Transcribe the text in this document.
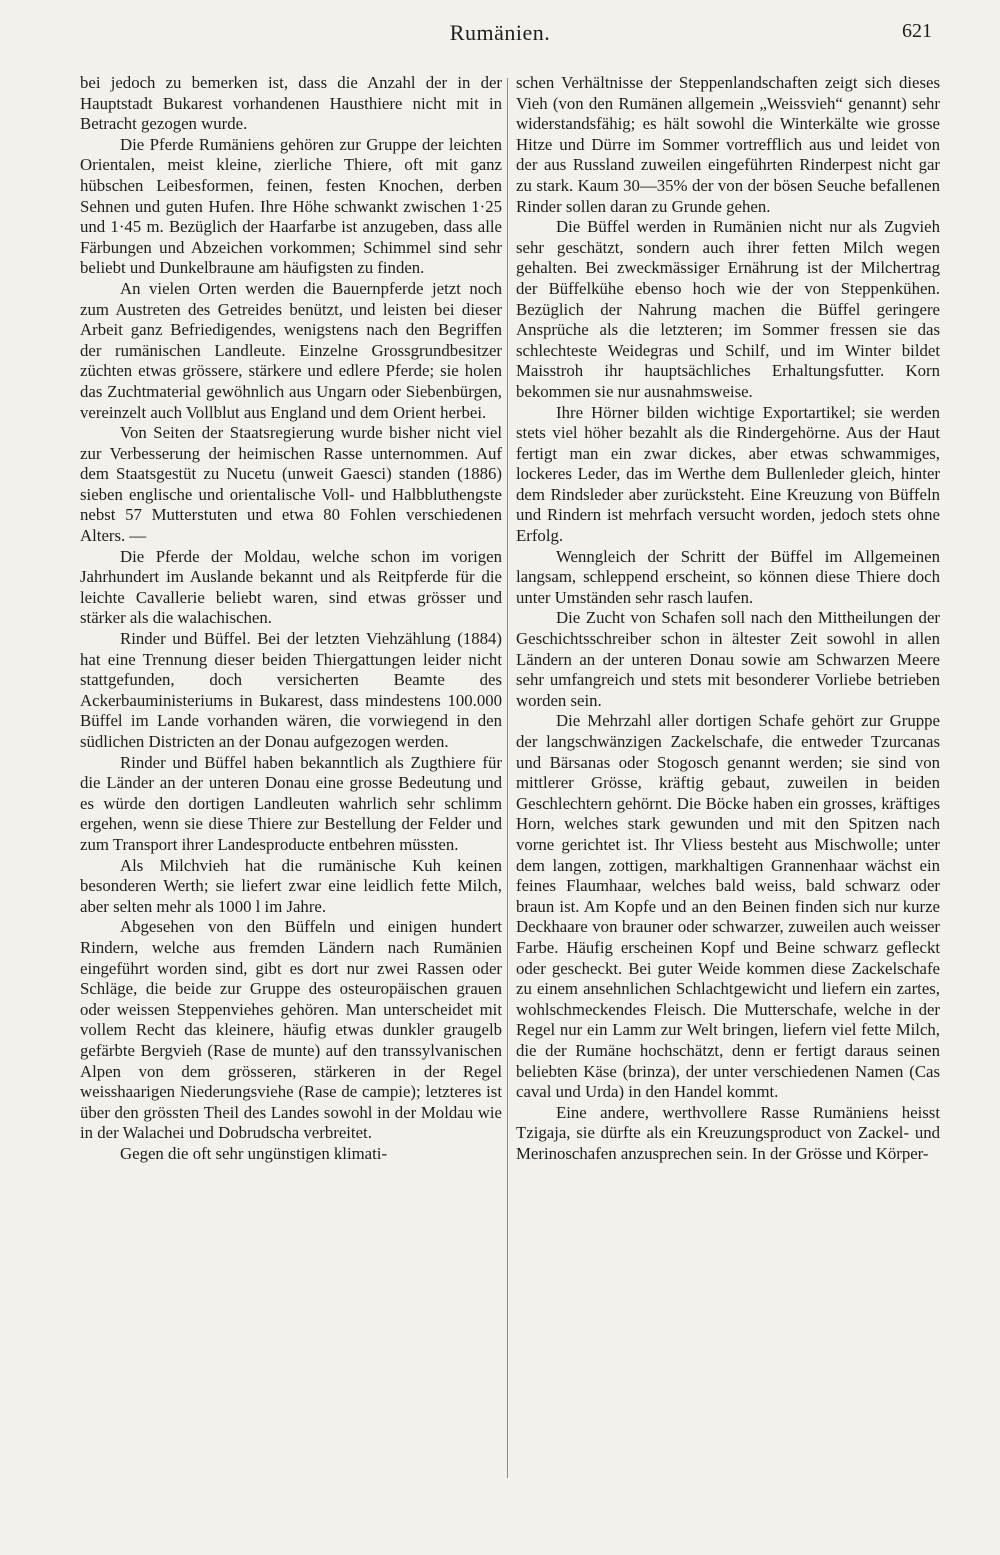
Rumänien.	621

bei jedoch zu bemerken ist, dass die Anzahl der in der Hauptstadt Bukarest vorhandenen Hausthiere nicht mit in Betracht gezogen wurde.

Die Pferde Rumäniens gehören zur Gruppe der leichten Orientalen, meist kleine, zierliche Thiere, oft mit ganz hübschen Leibesformen, feinen, festen Knochen, derben Sehnen und guten Hufen. Ihre Höhe schwankt zwischen 1·25 und 1·45 m. Bezüglich der Haarfarbe ist anzugeben, dass alle Färbungen und Abzeichen vorkommen; Schimmel sind sehr beliebt und Dunkelbraune am häufigsten zu finden.

An vielen Orten werden die Bauernpferde jetzt noch zum Austreten des Getreides benützt, und leisten bei dieser Arbeit ganz Befriedigendes, wenigstens nach den Begriffen der rumänischen Landleute. Einzelne Grossgrundbesitzer züchten etwas grössere, stärkere und edlere Pferde; sie holen das Zuchtmaterial gewöhnlich aus Ungarn oder Siebenbürgen, vereinzelt auch Vollblut aus England und dem Orient herbei.

Von Seiten der Staatsregierung wurde bisher nicht viel zur Verbesserung der heimischen Rasse unternommen. Auf dem Staatsgestüt zu Nucetu (unweit Gaesci) standen (1886) sieben englische und orientalische Voll- und Halbbluthengste nebst 57 Mutterstuten und etwa 80 Fohlen verschiedenen Alters. —

Die Pferde der Moldau, welche schon im vorigen Jahrhundert im Auslande bekannt und als Reitpferde für die leichte Cavallerie beliebt waren, sind etwas grösser und stärker als die walachischen.

Rinder und Büffel. Bei der letzten Viehzählung (1884) hat eine Trennung dieser beiden Thiergattungen leider nicht stattgefunden, doch versicherten Beamte des Ackerbauministeriums in Bukarest, dass mindestens 100.000 Büffel im Lande vorhanden wären, die vorwiegend in den südlichen Districten an der Donau aufgezogen werden.

Rinder und Büffel haben bekanntlich als Zugthiere für die Länder an der unteren Donau eine grosse Bedeutung und es würde den dortigen Landleuten wahrlich sehr schlimm ergehen, wenn sie diese Thiere zur Bestellung der Felder und zum Transport ihrer Landesproducte entbehren müssten.

Als Milchvieh hat die rumänische Kuh keinen besonderen Werth; sie liefert zwar eine leidlich fette Milch, aber selten mehr als 1000 l im Jahre.

Abgesehen von den Büffeln und einigen hundert Rindern, welche aus fremden Ländern nach Rumänien eingeführt worden sind, gibt es dort nur zwei Rassen oder Schläge, die beide zur Gruppe des osteuropäischen grauen oder weissen Steppenviehes gehören. Man unterscheidet mit vollem Recht das kleinere, häufig etwas dunkler graugelb gefärbte Bergvieh (Rase de munte) auf den transsylvanischen Alpen von dem grösseren, stärkeren in der Regel weisshaarigen Niederungsviehe (Rase de campie); letzteres ist über den grössten Theil des Landes sowohl in der Moldau wie in der Walachei und Dobrudscha verbreitet.

Gegen die oft sehr ungünstigen klimati-

schen Verhältnisse der Steppenlandschaften zeigt sich dieses Vieh (von den Rumänen allgemein „Weissvieh“ genannt) sehr widerstandsfähig; es hält sowohl die Winterkälte wie grosse Hitze und Dürre im Sommer vortrefflich aus und leidet von der aus Russland zuweilen eingeführten Rinderpest nicht gar zu stark. Kaum 30—35% der von der bösen Seuche befallenen Rinder sollen daran zu Grunde gehen.

Die Büffel werden in Rumänien nicht nur als Zugvieh sehr geschätzt, sondern auch ihrer fetten Milch wegen gehalten. Bei zweckmässiger Ernährung ist der Milchertrag der Büffelkühe ebenso hoch wie der von Steppenkühen. Bezüglich der Nahrung machen die Büffel geringere Ansprüche als die letzteren; im Sommer fressen sie das schlechteste Weidegras und Schilf, und im Winter bildet Maisstroh ihr hauptsächliches Erhaltungsfutter. Korn bekommen sie nur ausnahmsweise.

Ihre Hörner bilden wichtige Exportartikel; sie werden stets viel höher bezahlt als die Rindergehörne. Aus der Haut fertigt man ein zwar dickes, aber etwas schwammiges, lockeres Leder, das im Werthe dem Bullenleder gleich, hinter dem Rindsleder aber zurücksteht. Eine Kreuzung von Büffeln und Rindern ist mehrfach versucht worden, jedoch stets ohne Erfolg.

Wenngleich der Schritt der Büffel im Allgemeinen langsam, schleppend erscheint, so können diese Thiere doch unter Umständen sehr rasch laufen.

Die Zucht von Schafen soll nach den Mittheilungen der Geschichtsschreiber schon in ältester Zeit sowohl in allen Ländern an der unteren Donau sowie am Schwarzen Meere sehr umfangreich und stets mit besonderer Vorliebe betrieben worden sein.

Die Mehrzahl aller dortigen Schafe gehört zur Gruppe der langschwänzigen Zackelschafe, die entweder Tzurcanas und Bärsanas oder Stogosch genannt werden; sie sind von mittlerer Grösse, kräftig gebaut, zuweilen in beiden Geschlechtern gehörnt. Die Böcke haben ein grosses, kräftiges Horn, welches stark gewunden und mit den Spitzen nach vorne gerichtet ist. Ihr Vliess besteht aus Mischwolle; unter dem langen, zottigen, markhaltigen Grannenhaar wächst ein feines Flaumhaar, welches bald weiss, bald schwarz oder braun ist. Am Kopfe und an den Beinen finden sich nur kurze Deckhaare von brauner oder schwarzer, zuweilen auch weisser Farbe. Häufig erscheinen Kopf und Beine schwarz gefleckt oder gescheckt. Bei guter Weide kommen diese Zackelschafe zu einem ansehnlichen Schlachtgewicht und liefern ein zartes, wohlschmeckendes Fleisch. Die Mutterschafe, welche in der Regel nur ein Lamm zur Welt bringen, liefern viel fette Milch, die der Rumäne hochschätzt, denn er fertigt daraus seinen beliebten Käse (brinza), der unter verschiedenen Namen (Cas caval und Urda) in den Handel kommt.

Eine andere, werthvollere Rasse Rumäniens heisst Tzigaja, sie dürfte als ein Kreuzungsproduct von Zackel- und Merinoschafen anzusprechen sein. In der Grösse und Körper-
